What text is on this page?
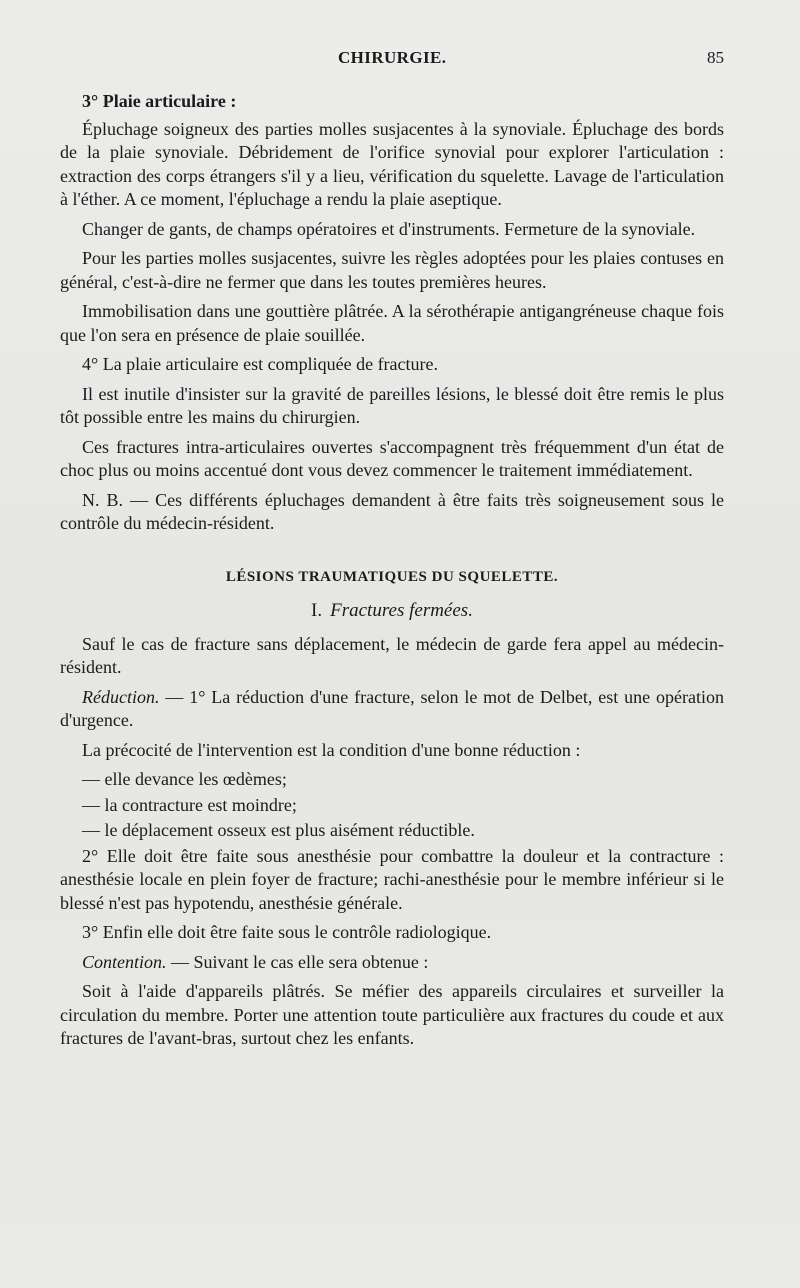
CHIRURGIE.	85

3° Plaie articulaire :

Épluchage soigneux des parties molles susjacentes à la synoviale. Épluchage des bords de la plaie synoviale. Débridement de l'orifice synovial pour explorer l'articulation : extraction des corps étrangers s'il y a lieu, vérification du squelette. Lavage de l'articulation à l'éther. A ce moment, l'épluchage a rendu la plaie aseptique.

Changer de gants, de champs opératoires et d'instruments. Fermeture de la synoviale.

Pour les parties molles susjacentes, suivre les règles adoptées pour les plaies contuses en général, c'est-à-dire ne fermer que dans les toutes premières heures.

Immobilisation dans une gouttière plâtrée. A la sérothérapie antigangréneuse chaque fois que l'on sera en présence de plaie souillée.

4° La plaie articulaire est compliquée de fracture.

Il est inutile d'insister sur la gravité de pareilles lésions, le blessé doit être remis le plus tôt possible entre les mains du chirurgien.

Ces fractures intra-articulaires ouvertes s'accompagnent très fréquemment d'un état de choc plus ou moins accentué dont vous devez commencer le traitement immédiatement.

N. B. — Ces différents épluchages demandent à être faits très soigneusement sous le contrôle du médecin-résident.

LÉSIONS TRAUMATIQUES DU SQUELETTE.

I. Fractures fermées.

Sauf le cas de fracture sans déplacement, le médecin de garde fera appel au médecin-résident.

Réduction. — 1° La réduction d'une fracture, selon le mot de Delbet, est une opération d'urgence.

La précocité de l'intervention est la condition d'une bonne réduction :

— elle devance les œdèmes;

— la contracture est moindre;

— le déplacement osseux est plus aisément réductible.

2° Elle doit être faite sous anesthésie pour combattre la douleur et la contracture : anesthésie locale en plein foyer de fracture; rachi-anesthésie pour le membre inférieur si le blessé n'est pas hypotendu, anesthésie générale.

3° Enfin elle doit être faite sous le contrôle radiologique.

Contention. — Suivant le cas elle sera obtenue :

Soit à l'aide d'appareils plâtrés. Se méfier des appareils circulaires et surveiller la circulation du membre. Porter une attention toute particulière aux fractures du coude et aux fractures de l'avant-bras, surtout chez les enfants.
